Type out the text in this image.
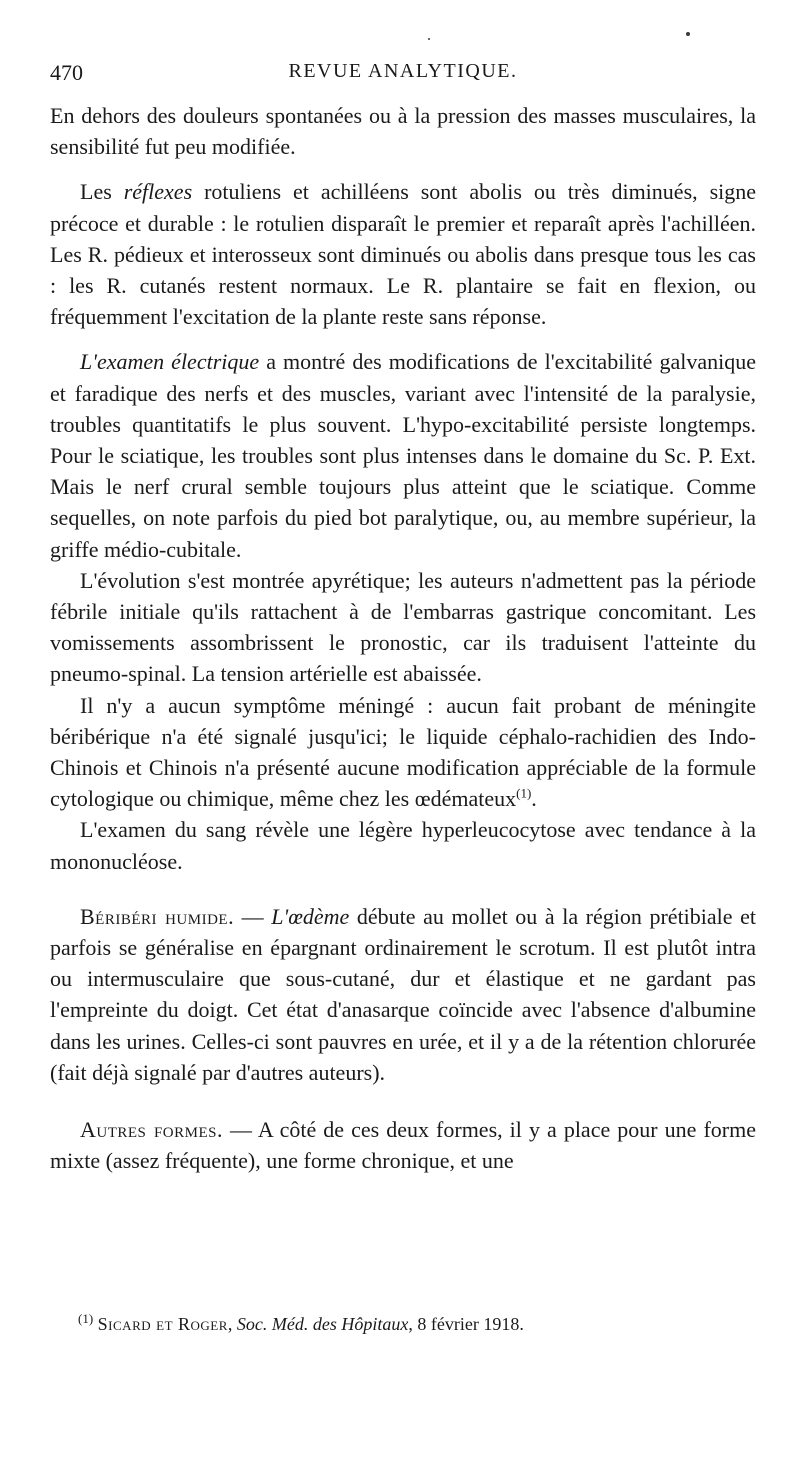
470	REVUE ANALYTIQUE.

En dehors des douleurs spontanées ou à la pression des masses musculaires, la sensibilité fut peu modifiée.

Les réflexes rotuliens et achilléens sont abolis ou très diminués, signe précoce et durable : le rotulien disparaît le premier et reparaît après l'achilléen. Les R. pédieux et interosseux sont diminués ou abolis dans presque tous les cas : les R. cutanés restent normaux. Le R. plantaire se fait en flexion, ou fréquemment l'excitation de la plante reste sans réponse.

L'examen électrique a montré des modifications de l'excitabilité galvanique et faradique des nerfs et des muscles, variant avec l'intensité de la paralysie, troubles quantitatifs le plus souvent. L'hypo-excitabilité persiste longtemps. Pour le sciatique, les troubles sont plus intenses dans le domaine du Sc. P. Ext. Mais le nerf crural semble toujours plus atteint que le sciatique. Comme sequelles, on note parfois du pied bot paralytique, ou, au membre supérieur, la griffe médio-cubitale.

L'évolution s'est montrée apyrétique; les auteurs n'admettent pas la période fébrile initiale qu'ils rattachent à de l'embarras gastrique concomitant. Les vomissements assombrissent le pronostic, car ils traduisent l'atteinte du pneumo-spinal. La tension artérielle est abaissée.

Il n'y a aucun symptôme méningé : aucun fait probant de méningite béribérique n'a été signalé jusqu'ici; le liquide céphalo-rachidien des Indo-Chinois et Chinois n'a présenté aucune modification appréciable de la formule cytologique ou chimique, même chez les œdémateux$^{(1)}$.

L'examen du sang révèle une légère hyperleucocytose avec tendance à la mononucléose.

Béribéri humide. — L'œdème débute au mollet ou à la région prétibiale et parfois se généralise en épargnant ordinairement le scrotum. Il est plutôt intra ou intermusculaire que sous-cutané, dur et élastique et ne gardant pas l'empreinte du doigt. Cet état d'anasarque coïncide avec l'absence d'albumine dans les urines. Celles-ci sont pauvres en urée, et il y a de la rétention chlorurée (fait déjà signalé par d'autres auteurs).

Autres formes. — A côté de ces deux formes, il y a place pour une forme mixte (assez fréquente), une forme chronique, et une

$^{(1)}$ Sicard et Roger, Soc. Méd. des Hôpitaux, 8 février 1918.
